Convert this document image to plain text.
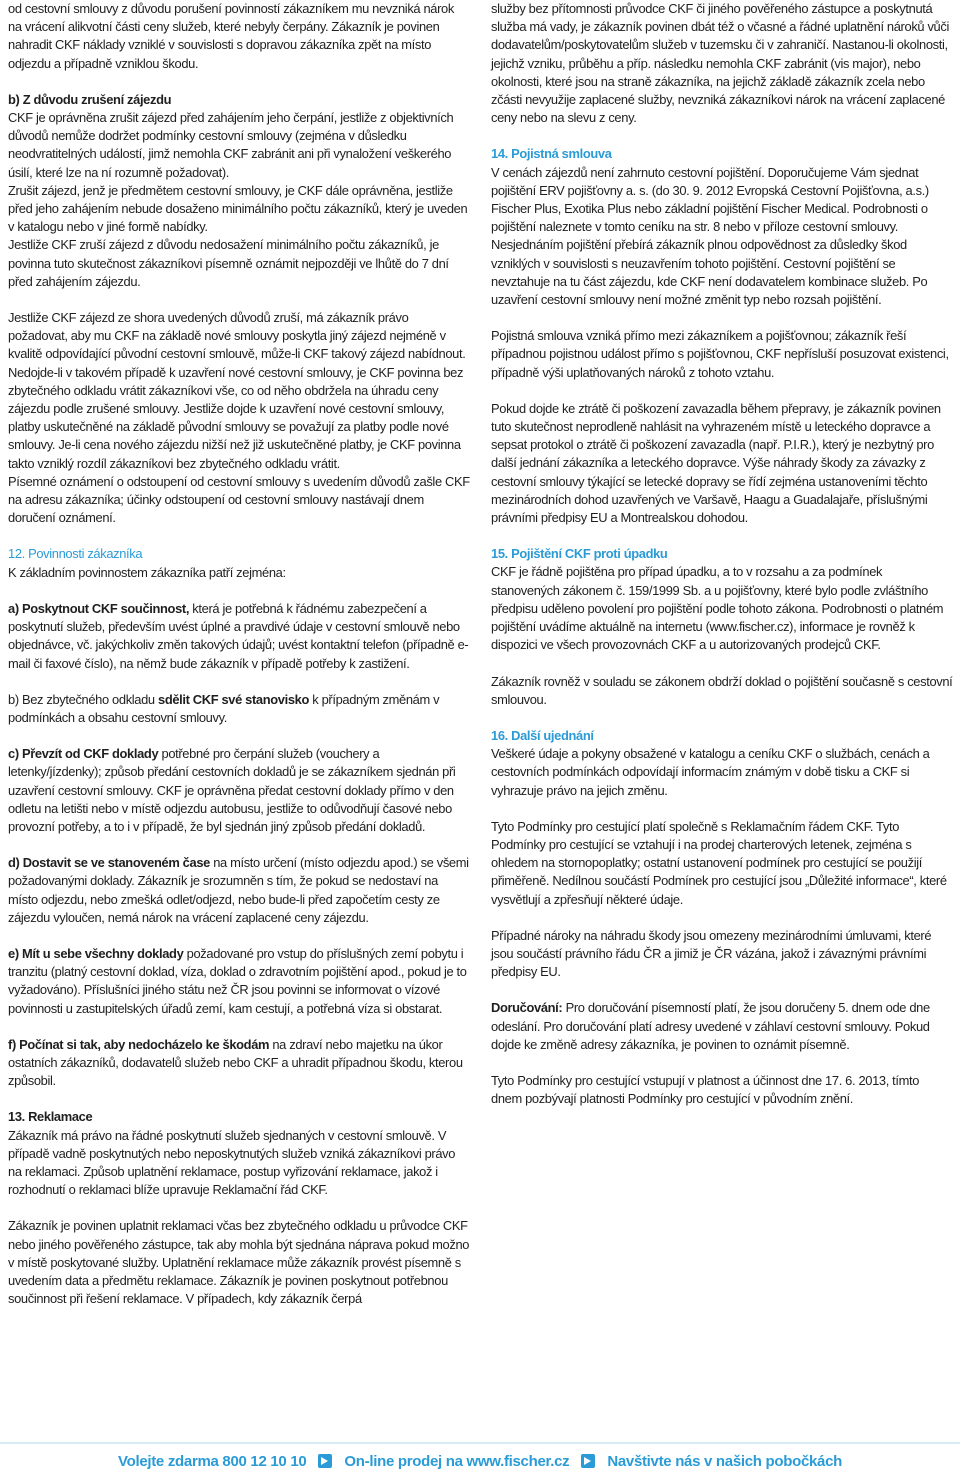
od cestovní smlouvy z důvodu porušení povinností zákazníkem mu nevzniká nárok na vrácení alikvotní části ceny služeb, které nebyly čerpány. Zákazník je povinen nahradit CKF náklady vzniklé v souvislosti s dopravou zákazníka zpět na místo odjezdu a případně vzniklou škodu.

b) Z důvodu zrušení zájezdu

CKF je oprávněna zrušit zájezd před zahájením jeho čerpání, jestliže z objektivních důvodů nemůže dodržet podmínky cestovní smlouvy (zejména v důsledku neodvratitelných událostí, jimž nemohla CKF zabránit ani při vynaložení veškerého úsilí, které lze na ní rozumně požadovat).

Zrušit zájezd, jenž je předmětem cestovní smlouvy, je CKF dále oprávněna, jestliže před jeho zahájením nebude dosaženo minimálního počtu zákazníků, který je uveden v katalogu nebo v jiné formě nabídky.

Jestliže CKF zruší zájezd z důvodu nedosažení minimálního počtu zákazníků, je povinna tuto skutečnost zákazníkovi písemně oznámit nejpozději ve lhůtě do 7 dní před zahájením zájezdu.

Jestliže CKF zájezd ze shora uvedených důvodů zruší, má zákazník právo požadovat, aby mu CKF na základě nové smlouvy poskytla jiný zájezd nejméně v kvalitě odpovídající původní cestovní smlouvě, může-li CKF takový zájezd nabídnout. Nedojde-li v takovém případě k uzavření nové cestovní smlouvy, je CKF povinna bez zbytečného odkladu vrátit zákazníkovi vše, co od něho obdržela na úhradu ceny zájezdu podle zrušené smlouvy. Jestliže dojde k uzavření nové cestovní smlouvy, platby uskutečněné na základě původní smlouvy se považují za platby podle nové smlouvy. Je-li cena nového zájezdu nižší než již uskutečněné platby, je CKF povinna takto vzniklý rozdíl zákazníkovi bez zbytečného odkladu vrátit.

Písemné oznámení o odstoupení od cestovní smlouvy s uvedením důvodů zašle CKF na adresu zákazníka; účinky odstoupení od cestovní smlouvy nastávají dnem doručení oznámení.

12. Povinnosti zákazníka

K základním povinnostem zákazníka patří zejména:

a) Poskytnout CKF součinnost, která je potřebná k řádnému zabezpečení a poskytnutí služeb, především uvést úplné a pravdivé údaje v cestovní smlouvě nebo objednávce, vč. jakýchkoliv změn takových údajů; uvést kontaktní telefon (případně e-mail či faxové číslo), na němž bude zákazník v případě potřeby k zastižení.

b) Bez zbytečného odkladu sdělit CKF své stanovisko k případným změnám v podmínkách a obsahu cestovní smlouvy.

c) Převzít od CKF doklady potřebné pro čerpání služeb (vouchery a letenky/jízdenky); způsob předání cestovních dokladů je se zákazníkem sjednán při uzavření cestovní smlouvy. CKF je oprávněna předat cestovní doklady přímo v den odletu na letišti nebo v místě odjezdu autobusu, jestliže to odůvodňují časové nebo provozní potřeby, a to i v případě, že byl sjednán jiný způsob předání dokladů.

d) Dostavit se ve stanoveném čase na místo určení (místo odjezdu apod.) se všemi požadovanými doklady. Zákazník je srozumněn s tím, že pokud se nedostaví na místo odjezdu, nebo zmešká odlet/odjezd, nebo bude-li před započetím cesty ze zájezdu vyloučen, nemá nárok na vrácení zaplacené ceny zájezdu.

e) Mít u sebe všechny doklady požadované pro vstup do příslušných zemí pobytu i tranzitu (platný cestovní doklad, víza, doklad o zdravotním pojištění apod., pokud je to vyžadováno). Příslušníci jiného státu než ČR jsou povinni se informovat o vízové povinnosti u zastupitelských úřadů zemí, kam cestují, a potřebná víza si obstarat.

f) Počínat si tak, aby nedocházelo ke škodám na zdraví nebo majetku na úkor ostatních zákazníků, dodavatelů služeb nebo CKF a uhradit případnou škodu, kterou způsobil.

13. Reklamace

Zákazník má právo na řádné poskytnutí služeb sjednaných v cestovní smlouvě. V případě vadně poskytnutých nebo neposkytnutých služeb vzniká zákazníkovi právo na reklamaci. Způsob uplatnění reklamace, postup vyřizování reklamace, jakož i rozhodnutí o reklamaci blíže upravuje Reklamační řád CKF.

Zákazník je povinen uplatnit reklamaci včas bez zbytečného odkladu u průvodce CKF nebo jiného pověřeného zástupce, tak aby mohla být sjednána náprava pokud možno v místě poskytované služby. Uplatnění reklamace může zákazník provést písemně s uvedením data a předmětu reklamace. Zákazník je povinen poskytnout potřebnou součinnost při řešení reklamace. V případech, kdy zákazník čerpá

služby bez přítomnosti průvodce CKF či jiného pověřeného zástupce a poskytnutá služba má vady, je zákazník povinen dbát též o včasné a řádné uplatnění nároků vůči dodavatelům/poskytovatelům služeb v tuzemsku či v zahraničí. Nastanou-li okolnosti, jejichž vzniku, průběhu a příp. následku nemohla CKF zabránit (vis major), nebo okolnosti, které jsou na straně zákazníka, na jejichž základě zákazník zcela nebo zčásti nevyužije zaplacené služby, nevzniká zákazníkovi nárok na vrácení zaplacené ceny nebo na slevu z ceny.

14. Pojistná smlouva

V cenách zájezdů není zahrnuto cestovní pojištění. Doporučujeme Vám sjednat pojištění ERV pojišťovny a. s. (do 30. 9. 2012 Evropská Cestovní Pojišťovna, a.s.) Fischer Plus, Exotika Plus nebo základní pojištění Fischer Medical. Podrobnosti o pojištění naleznete v tomto ceníku na str. 8 nebo v příloze cestovní smlouvy. Nesjednáním pojištění přebírá zákazník plnou odpovědnost za důsledky škod vzniklých v souvislosti s neuzavřením tohoto pojištění. Cestovní pojištění se nevztahuje na tu část zájezdu, kde CKF není dodavatelem kombinace služeb. Po uzavření cestovní smlouvy není možné změnit typ nebo rozsah pojištění.

Pojistná smlouva vzniká přímo mezi zákazníkem a pojišťovnou; zákazník řeší případnou pojistnou událost přímo s pojišťovnou, CKF nepřísluší posuzovat existenci, případně výši uplatňovaných nároků z tohoto vztahu.

Pokud dojde ke ztrátě či poškození zavazadla během přepravy, je zákazník povinen tuto skutečnost neprodleně nahlásit na vyhrazeném místě u leteckého dopravce a sepsat protokol o ztrátě či poškození zavazadla (např. P.I.R.), který je nezbytný pro další jednání zákazníka a leteckého dopravce. Výše náhrady škody za závazky z cestovní smlouvy týkající se letecké dopravy se řídí zejména ustanoveními těchto mezinárodních dohod uzavřených ve Varšavě, Haagu a Guadalajaře, příslušnými právními předpisy EU a Montrealskou dohodou.

15. Pojištění CKF proti úpadku

CKF je řádně pojištěna pro případ úpadku, a to v rozsahu a za podmínek stanovených zákonem č. 159/1999 Sb. a u pojišťovny, které bylo podle zvláštního předpisu uděleno povolení pro pojištění podle tohoto zákona. Podrobnosti o platném pojištění uvádíme aktuálně na internetu (www.fischer.cz), informace je rovněž k dispozici ve všech provozovnách CKF a u autorizovaných prodejců CKF.

Zákazník rovněž v souladu se zákonem obdrží doklad o pojištění současně s cestovní smlouvou.

16. Další ujednání

Veškeré údaje a pokyny obsažené v katalogu a ceníku CKF o službách, cenách a cestovních podmínkách odpovídají informacím známým v době tisku a CKF si vyhrazuje právo na jejich změnu.

Tyto Podmínky pro cestující platí společně s Reklamačním řádem CKF. Tyto Podmínky pro cestující se vztahují i na prodej charterových letenek, zejména s ohledem na stornopoplatky; ostatní ustanovení podmínek pro cestující se použijí přiměřeně. Nedílnou součástí Podmínek pro cestující jsou „Důležité informace“, které vysvětlují a zpřesňují některé údaje.

Případné nároky na náhradu škody jsou omezeny mezinárodními úmluvami, které jsou součástí právního řádu ČR a jimiž je ČR vázána, jakož i závaznými právními předpisy EU.

Doručování: Pro doručování písemností platí, že jsou doručeny 5. dnem ode dne odeslání. Pro doručování platí adresy uvedené v záhlaví cestovní smlouvy. Pokud dojde ke změně adresy zákazníka, je povinen to oznámit písemně.

Tyto Podmínky pro cestující vstupují v platnost a účinnost dne 17. 6. 2013, tímto dnem pozbývají platnosti Podmínky pro cestující v původním znění.

Volejte zdarma 800 12 10 10	On-line prodej na www.fischer.cz	Navštivte nás v našich pobočkách
